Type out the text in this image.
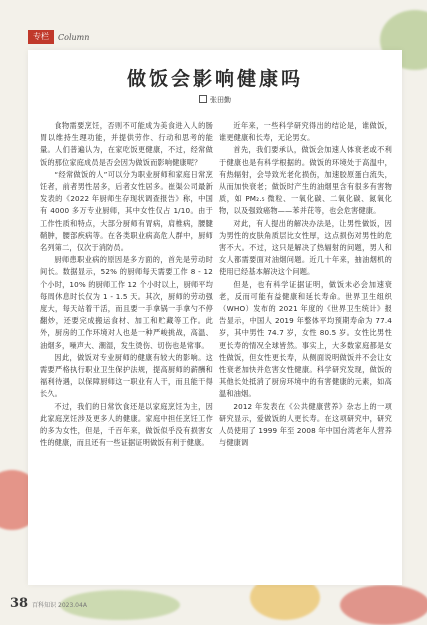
专栏	Column
做饭会影响健康吗
张田勤

食物需要烹饪，否则不可能成为美食进入人的肠胃以维持生理功能，并提供劳作、行动和思考的能量。人们普遍认为，在家吃饭更健康，不过，经常做饭的那位家庭成员是否会因为做饭而影响健康呢？

“经常做饭的人”可以分为职业厨师和家庭日常烹饪者，前者男性居多，后者女性居多。崔渠公司最新发表的《2022 年厨师生存现状调查报告》称，中国有 4000 多万专业厨师，其中女性仅占 1/10。由于工作性质和特点，大部分厨师有胃病，肩椎病，腰腱鞘肿，腰部疾病等。在各类职业病高危人群中，厨师名列第二，仅次于消防员。

厨师患职业病的原因是多方面的，首先是劳动时间长。数据显示，52% 的厨师每天需要工作 8 - 12 个小时，10% 的厨师工作 12 个小时以上，厨师平均每周休息时长仅为 1 - 1.5 天。其次，厨师的劳动强度大，每天站着干活，而且要一手拿锅一手拿勺不停翻炒，还要完成搬运食材、加工和贮藏等工作。此外，厨房的工作环境对人也是一种严峻挑战，高温、油烟多，噪声大、潮湿，发生烫伤、切伤也是常事。

因此，做饭对专业厨师的健康有较大的影响。这需要严格执行职业卫生保护法规，提高厨师的薪酬和福利待遇，以保障厨师这一职业有人干，而且能干得长久。

不过，我们的日常饮食还是以家庭烹饪为主，因此家庭烹饪涉及更多人的健康。家庭中担任烹饪工作的多为女性，但是，千百年来，做饭似乎没有损害女性的健康，而且还有一些证据证明做饭有利于健康。

近年来，一些科学研究得出的结论是，谁做饭，谁更健康和长寿，无论男女。

首先，我们要承认，做饭会加速人体衰老或不利于健康也是有科学根据的。做饭的环境处于高温中，有热辐射，会导致光老化损伤，加速胶原蛋白流失，从而加快衰老；做饭时产生的油烟里含有很多有害物质，如 PM₂.₅ 微粒、一氧化碳、二氧化碳、氮氧化物，以及强致癌物——苯并芘等，也会危害健康。

对此，有人提出的解决办法是，让男性做饭，因为男性的皮肤角质层比女性厚，这点损伤对男性的危害不大。不过，这只是解决了热辐射的问题，男人和女人都需要面对油烟问题。近几十年来，抽油烟机的使用已经基本解决这个问题。

但是，也有科学证据证明，做饭未必会加速衰老，反而可能有益健康和延长寿命。世界卫生组织（WHO）发布的 2021 年度的《世界卫生统计》报告显示，中国人 2019 年整体平均预期寿命为 77.4 岁，其中男性 74.7 岁，女性 80.5 岁。女性比男性更长寿的情况全球皆然。事实上，大多数家庭都是女性做饭，但女性更长寿，从侧面说明做饭并不会让女性衰老加快并危害女性健康。科学研究发现，做饭的其他长处抵消了厨房环境中的有害健康的元素，如高温和油烟。

2012 年发表在《公共健康营养》杂志上的一项研究显示，爱做饭的人更长寿。在这项研究中，研究人员使用了 1999 年至 2008 年中国台湾老年人营养与健康调

38 百科知识 2023.04A
